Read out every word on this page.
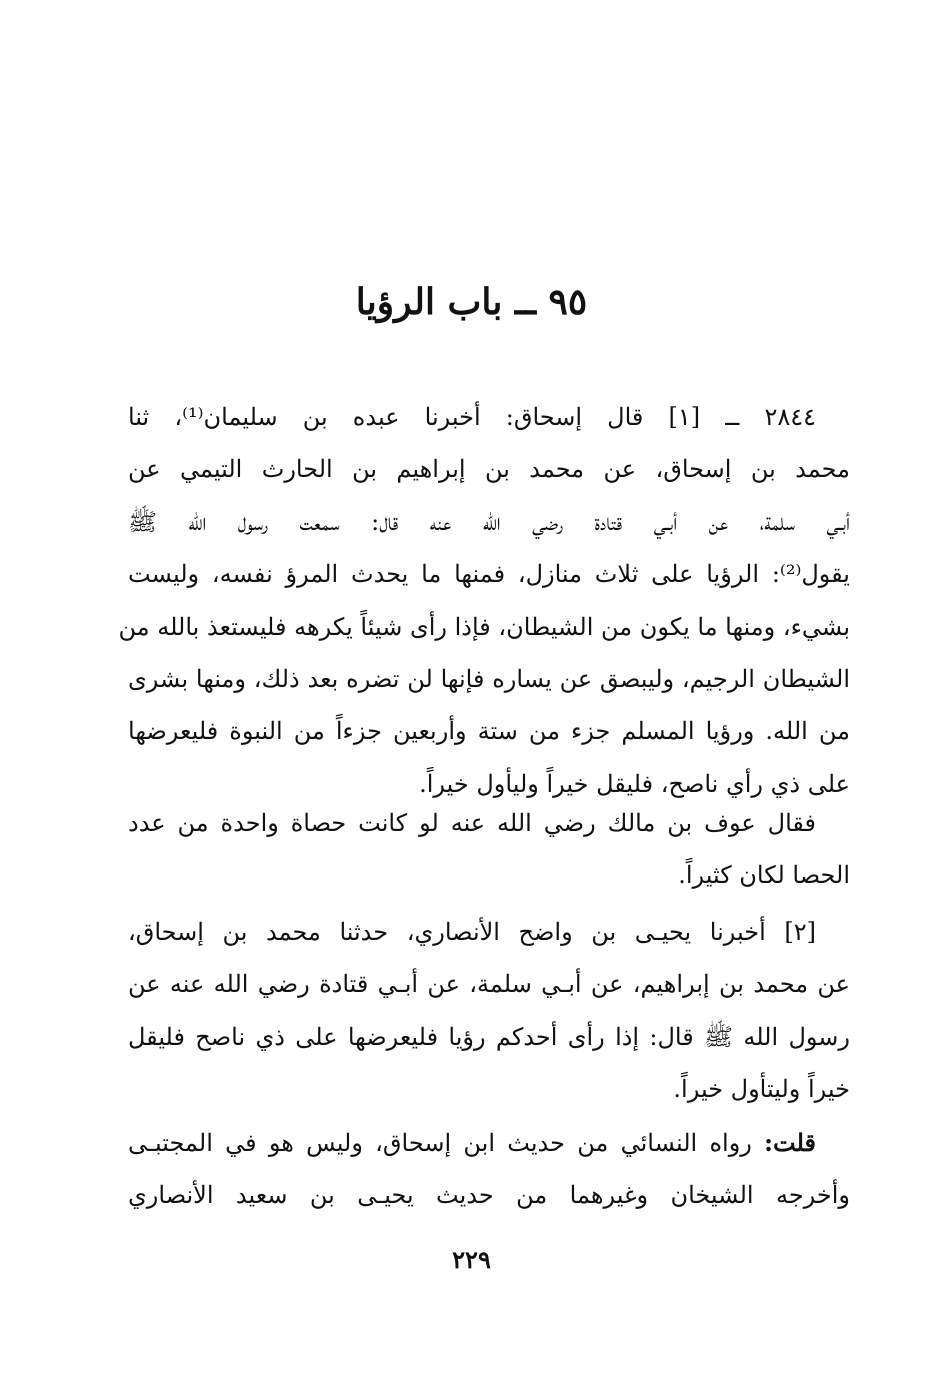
٩٥ ــ باب الرؤيا
٢٨٤٤ ــ [١] قال إسحاق: أخبرنا عبده بن سليمان⁽¹⁾، ثنا
محمد بن إسحاق، عن محمد بن إبراهيم بن الحارث التيمي عن
أبـي سلمة، عن أبـي قتادة رضي الله عنه قال: سمعت رسول الله ﷺ
يقول⁽²⁾: الرؤيا على ثلاث منازل، فمنها ما يحدث المرؤ نفسه، وليست
بشيء، ومنها ما يكون من الشيطان، فإذا رأى شيئاً يكرهه فليستعذ بالله من
الشيطان الرجيم، وليبصق عن يساره فإنها لن تضره بعد ذلك، ومنها بشرى
من الله. ورؤيا المسلم جزء من ستة وأربعين جزءاً من النبوة فليعرضها
على ذي رأي ناصح، فليقل خيراً وليأول خيراً.
فقال عوف بن مالك رضي الله عنه لو كانت حصاة واحدة من عدد
الحصا لكان كثيراً.
[٢] أخبرنا يحيـى بن واضح الأنصاري، حدثنا محمد بن إسحاق،
عن محمد بن إبراهيم، عن أبـي سلمة، عن أبـي قتادة رضي الله عنه عن
رسول الله ﷺ قال: إذا رأى أحدكم رؤيا فليعرضها على ذي ناصح فليقل
خيراً وليتأول خيراً.
قلت: رواه النسائي من حديث ابن إسحاق، وليس هو في المجتبـى
وأخرجه الشيخان وغيرهما من حديث يحيـى بن سعيد الأنصاري
٢٢٩
